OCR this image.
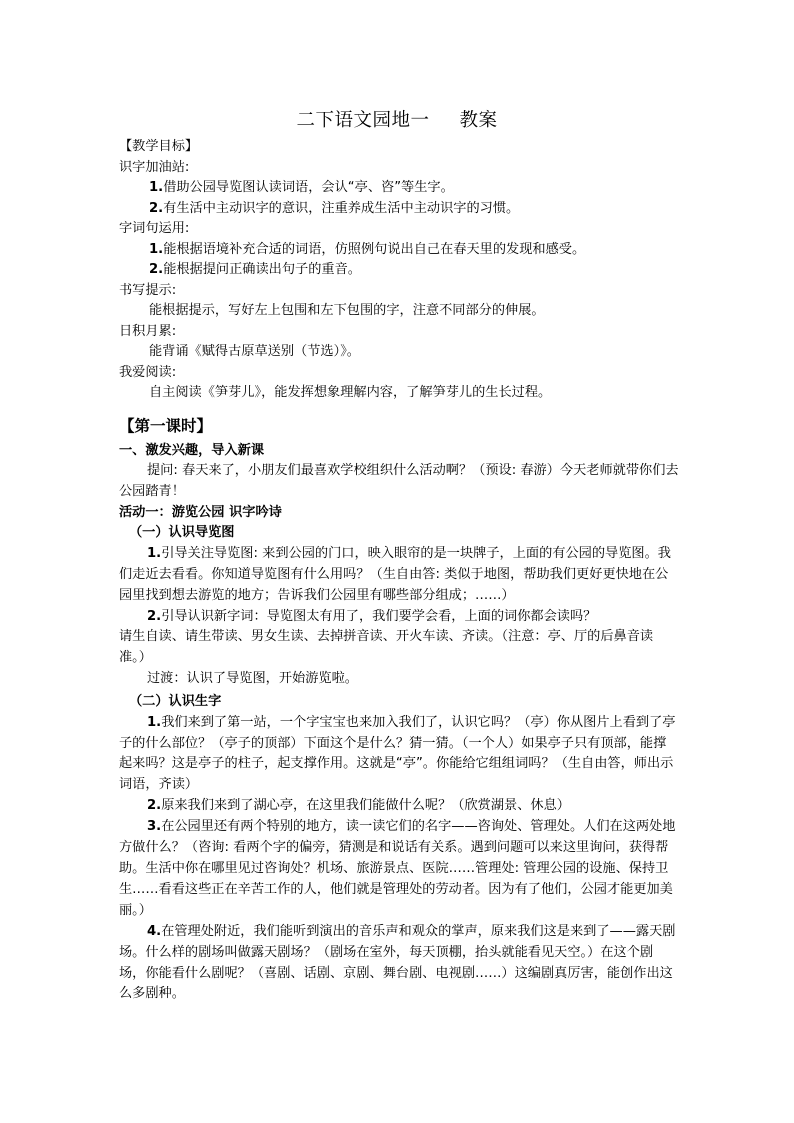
二下语文园地一 教案

【教学目标】

识字加油站:

1.借助公园导览图认读词语，会认“亭、咨”等生字。

2.有生活中主动识字的意识，注重养成生活中主动识字的习惯。

字词句运用:

1.能根据语境补充合适的词语，仿照例句说出自己在春天里的发现和感受。

2.能根据提问正确读出句子的重音。

书写提示:

能根据提示，写好左上包围和左下包围的字，注意不同部分的伸展。

日积月累:

能背诵《赋得古原草送别（节选）》。

我爱阅读:

自主阅读《笋芽儿》，能发挥想象理解内容，了解笋芽儿的生长过程。

【第一课时】

一、激发兴趣，导入新课

提问: 春天来了，小朋友们最喜欢学校组织什么活动啊？（预设: 春游）今天老师就带你们去公园踏青！

活动一：游览公园 识字吟诗

（一）认识导览图

1.引导关注导览图: 来到公园的门口，映入眼帘的是一块牌子，上面的有公园的导览图。我们走近去看看。你知道导览图有什么用吗？（生自由答: 类似于地图，帮助我们更好更快地在公园里找到想去游览的地方；告诉我们公园里有哪些部分组成；……）

2.引导认识新字词：导览图太有用了，我们要学会看，上面的词你都会读吗？

请生自读、请生带读、男女生读、去掉拼音读、开火车读、齐读。（注意：亭、厅的后鼻音读准。）

过渡：认识了导览图，开始游览啦。

（二）认识生字

1.我们来到了第一站，一个字宝宝也来加入我们了，认识它吗？（亭）你从图片上看到了亭子的什么部位？（亭子的顶部）下面这个是什么？猜一猜。（一个人）如果亭子只有顶部，能撑起来吗？这是亭子的柱子，起支撑作用。这就是“亭”。你能给它组组词吗？（生自由答，师出示词语，齐读）

2.原来我们来到了湖心亭，在这里我们能做什么呢？（欣赏湖景、休息）

3.在公园里还有两个特别的地方，读一读它们的名字——咨询处、管理处。人们在这两处地方做什么？（咨询: 看两个字的偏旁，猜测是和说话有关系。遇到问题可以来这里询问，获得帮助。生活中你在哪里见过咨询处？机场、旅游景点、医院……管理处: 管理公园的设施、保持卫生……看看这些正在辛苦工作的人，他们就是管理处的劳动者。因为有了他们，公园才能更加美丽。）

4.在管理处附近，我们能听到演出的音乐声和观众的掌声，原来我们这是来到了——露天剧场。什么样的剧场叫做露天剧场？（剧场在室外，每天顶棚，抬头就能看见天空。）在这个剧场，你能看什么剧呢？（喜剧、话剧、京剧、舞台剧、电视剧……）这编剧真厉害，能创作出这么多剧种。
